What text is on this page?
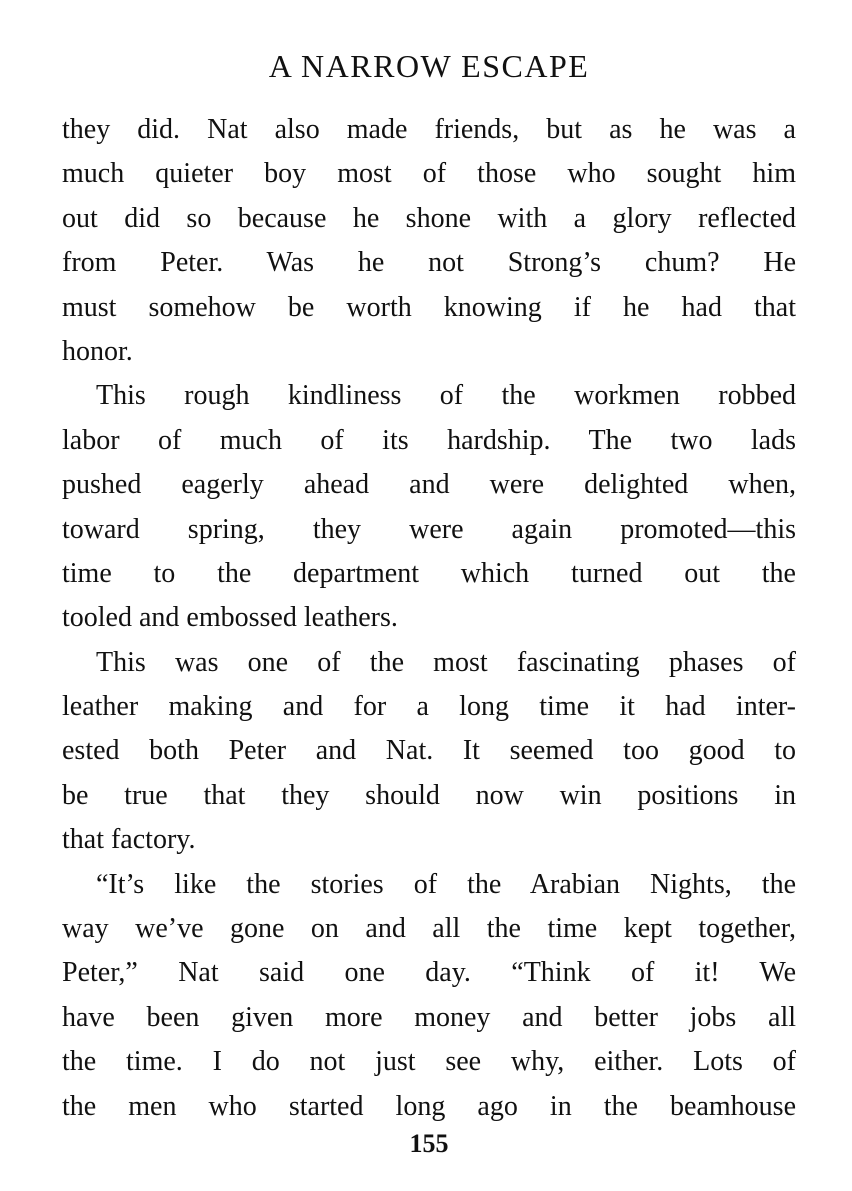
A NARROW ESCAPE
they did. Nat also made friends, but as he was a
much quieter boy most of those who sought him
out did so because he shone with a glory reflected
from Peter. Was he not Strong’s chum? He
must somehow be worth knowing if he had that
honor.
This rough kindliness of the workmen robbed
labor of much of its hardship. The two lads
pushed eagerly ahead and were delighted when,
toward spring, they were again promoted—this
time to the department which turned out the
tooled and embossed leathers.
This was one of the most fascinating phases of
leather making and for a long time it had inter-
ested both Peter and Nat. It seemed too good to
be true that they should now win positions in
that factory.
“It’s like the stories of the Arabian Nights, the
way we’ve gone on and all the time kept together,
Peter,” Nat said one day. “Think of it! We
have been given more money and better jobs all
the time. I do not just see why, either. Lots of
the men who started long ago in the beamhouse
155
